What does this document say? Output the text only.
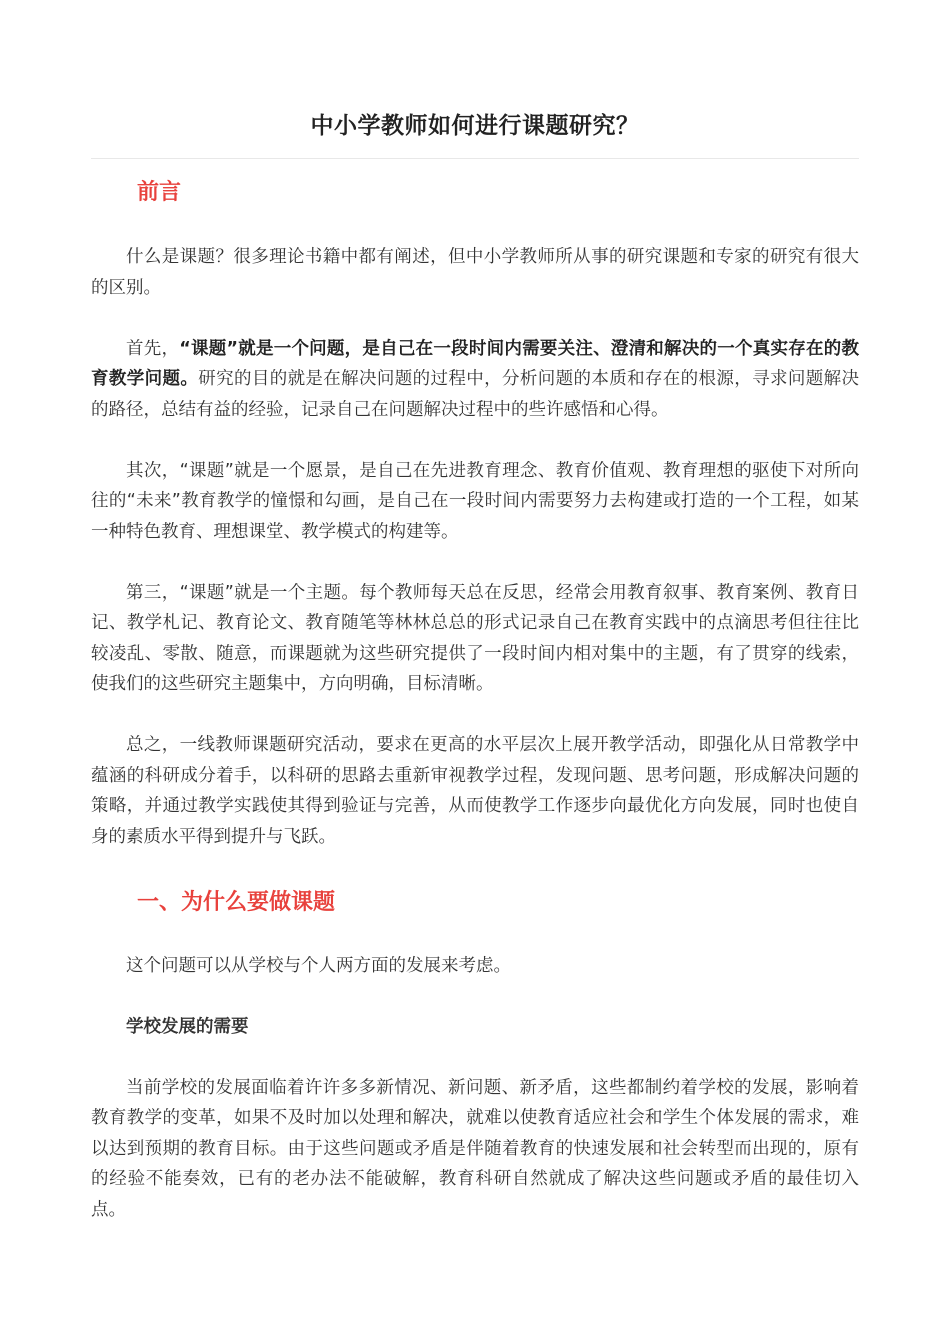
中小学教师如何进行课题研究？
前言

什么是课题？很多理论书籍中都有阐述，但中小学教师所从事的研究课题和专家的研究有很大的区别。

首先，“课题”就是一个问题，是自己在一段时间内需要关注、澄清和解决的一个真实存在的教育教学问题。研究的目的就是在解决问题的过程中，分析问题的本质和存在的根源，寻求问题解决的路径，总结有益的经验，记录自己在问题解决过程中的些许感悟和心得。

其次，“课题”就是一个愿景，是自己在先进教育理念、教育价值观、教育理想的驱使下对所向往的“未来”教育教学的憧憬和勾画，是自己在一段时间内需要努力去构建或打造的一个工程，如某一种特色教育、理想课堂、教学模式的构建等。

第三，“课题”就是一个主题。每个教师每天总在反思，经常会用教育叙事、教育案例、教育日记、教学札记、教育论文、教育随笔等林林总总的形式记录自己在教育实践中的点滴思考但往往比较凌乱、零散、随意，而课题就为这些研究提供了一段时间内相对集中的主题，有了贯穿的线索，使我们的这些研究主题集中，方向明确，目标清晰。

总之，一线教师课题研究活动，要求在更高的水平层次上展开教学活动，即强化从日常教学中蕴涵的科研成分着手，以科研的思路去重新审视教学过程，发现问题、思考问题，形成解决问题的策略，并通过教学实践使其得到验证与完善，从而使教学工作逐步向最优化方向发展，同时也使自身的素质水平得到提升与飞跃。

一、为什么要做课题

这个问题可以从学校与个人两方面的发展来考虑。

学校发展的需要

当前学校的发展面临着许许多多新情况、新问题、新矛盾，这些都制约着学校的发展，影响着教育教学的变革，如果不及时加以处理和解决，就难以使教育适应社会和学生个体发展的需求，难以达到预期的教育目标。由于这些问题或矛盾是伴随着教育的快速发展和社会转型而出现的，原有的经验不能奏效，已有的老办法不能破解，教育科研自然就成了解决这些问题或矛盾的最佳切入点。
